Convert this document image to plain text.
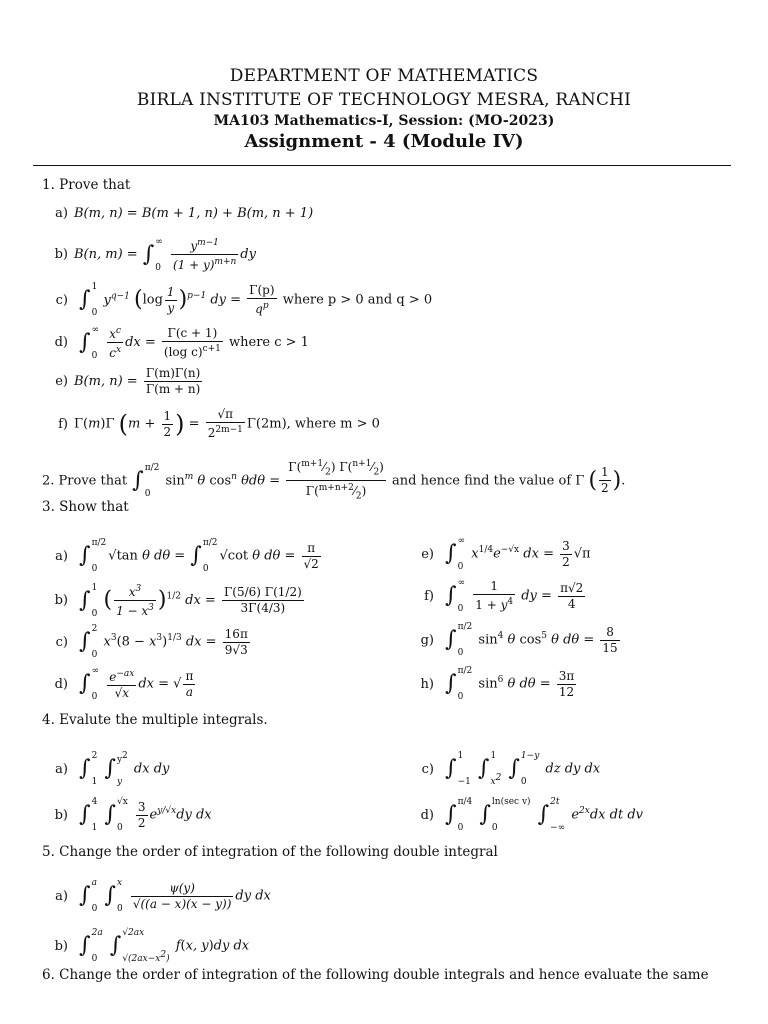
DEPARTMENT OF MATHEMATICS
BIRLA INSTITUTE OF TECHNOLOGY MESRA, RANCHI
MA103 Mathematics-I, Session: (MO-2023)
Assignment - 4 (Module IV)
1. Prove that
a) B(m, n) = B(m + 1, n) + B(m, n + 1)
b) B(n, m) = ∫ ∞
0
$\frac{y^{m-1}}{(1 + y)^{m+n}}$ dy
c) ∫ 1
0
$y^{q-1}$ $(\log \frac{1}{y} )^{p-1}$ dy = $\frac{\Gamma(p)}{q^p}$ where p > 0 and q > 0
d) ∫ ∞
0
$\frac{x^c}{c^x}$ dx = $\frac{\Gamma(c + 1)}{(\log c)^{c+1}}$ where c > 1
e) B(m, $n) = \frac{\Gamma(m)\Gamma(n)}{\Gamma(m + n)}$
f) Γ(m)Γ ($m + \frac{1}{2}$ ) = $\frac{√\pi}{2^{2m-1}} \Gamma(2m)$, where m > 0
2. Prove that ∫ π/2
0
$\sin^m \theta$ $\cos^n \theta d\theta = \frac{\Gamma(^{m+1}⁄_2) \Gamma(^{n+1}⁄_2)}{\Gamma(^{m+n+2}⁄_2)}$ and hence find the value of Γ ( $\frac{1}{2}$ ).
3. Show that
a) ∫ π/2
0
√tan θ dθ = ∫ π/2
0
√cot θ $d\theta = \frac{\pi}{√2}$
b) ∫ 1
0
( $\frac{x^3}{1 - x^3} )^{1/2}$ dx = $\frac{\Gamma(5/6) \Gamma(1/2)}{3\Gamma(4/3)}$
c) ∫ 2
0
$x^3(8 - x^3)^{1/3}$ dx = $\frac{16\pi}{9√3}$
d) ∫ ∞
0
$\frac{e^{-ax}}{√x}$ dx = √ $\frac{\pi}{a}$
e) ∫ ∞
0
$x^{1/4}e^{-√x}$ dx = $\frac{3}{2} √\pi$
f) ∫ ∞
0
$\frac{1}{1 + y^4}$ dy = $\frac{\pi√2}{4}$
g) ∫ π/2
0
$\sin^4 \theta$ $\cos^5 \theta$ $d\theta = \frac{8}{15}$
h) ∫ π/2
0
$\sin^6 \theta$ $d\theta = \frac{3\pi}{12}$
4. Evalute the multiple integrals.
a) ∫ 2
1
∫ $y^2$
y
dx dy
b) ∫ 4
1
∫ √x
0
	$\frac{3}{2} e^{y/√x}dy$ dx
c) ∫ 1
−1
∫ 1
$x^2$ ∫ 1−y
0
dz dy dx
d) ∫ π/4
0
∫ ln(sec v)
0
∫ 2t
−∞
$e^{2x}dx$ dt dv
5. Change the order of integration of the following double integral
a) ∫ a
0
∫ x
0
$\frac{\psi(y)}{√((a - x)(x - y))}$ dy dx
b) ∫ 2a
0
∫ √2ax
$√(2ax-x^2)$
f(x, y)dy dx
6. Change the order of integration of the following double integrals and hence evaluate the same
